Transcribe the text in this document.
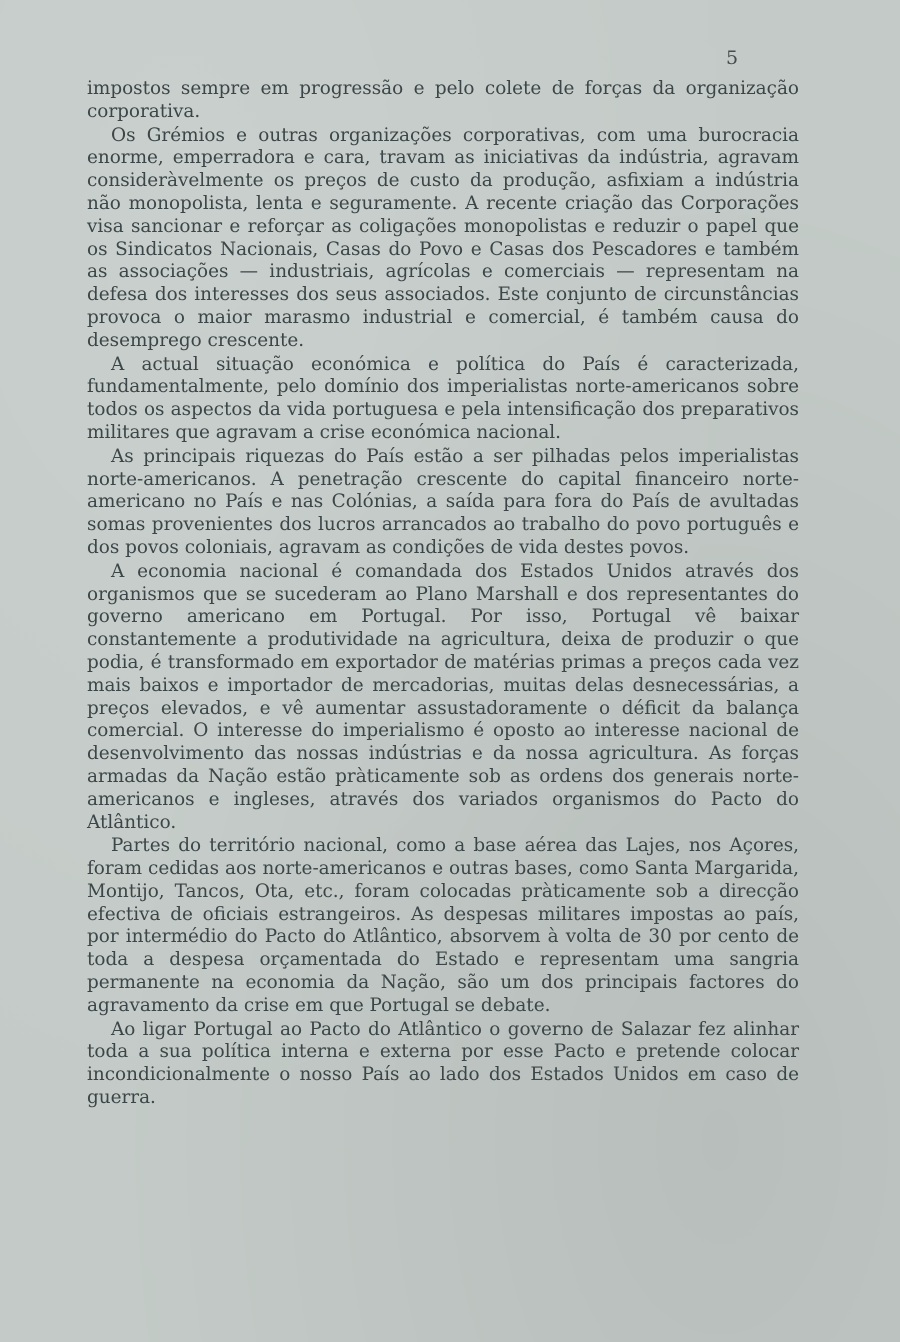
5

impostos sempre em progressão e pelo colete de forças da organização corporativa.

Os Grémios e outras organizações corporativas, com uma burocracia enorme, emperradora e cara, travam as iniciativas da indústria, agravam consideràvelmente os preços de custo da produção, asfixiam a indústria não monopolista, lenta e seguramente. A recente criação das Corporações visa sancionar e reforçar as coligações monopolistas e reduzir o papel que os Sindicatos Nacionais, Casas do Povo e Casas dos Pescadores e também as associações — industriais, agrícolas e comerciais — representam na defesa dos interesses dos seus associados. Este conjunto de circunstâncias provoca o maior marasmo industrial e comercial, é também causa do desemprego crescente.

A actual situação económica e política do País é caracterizada, fundamentalmente, pelo domínio dos imperialistas norte-americanos sobre todos os aspectos da vida portuguesa e pela intensificação dos preparativos militares que agravam a crise económica nacional.

As principais riquezas do País estão a ser pilhadas pelos imperialistas norte-americanos. A penetração crescente do capital financeiro norte-americano no País e nas Colónias, a saída para fora do País de avultadas somas provenientes dos lucros arrancados ao trabalho do povo português e dos povos coloniais, agravam as condições de vida destes povos.

A economia nacional é comandada dos Estados Unidos através dos organismos que se sucederam ao Plano Marshall e dos representantes do governo americano em Portugal. Por isso, Portugal vê baixar constantemente a produtividade na agricultura, deixa de produzir o que podia, é transformado em exportador de matérias primas a preços cada vez mais baixos e importador de mercadorias, muitas delas desnecessárias, a preços elevados, e vê aumentar assustadoramente o déficit da balança comercial. O interesse do imperialismo é oposto ao interesse nacional de desenvolvimento das nossas indústrias e da nossa agricultura. As forças armadas da Nação estão pràticamente sob as ordens dos generais norte-americanos e ingleses, através dos variados organismos do Pacto do Atlântico.

Partes do território nacional, como a base aérea das Lajes, nos Açores, foram cedidas aos norte-americanos e outras bases, como Santa Margarida, Montijo, Tancos, Ota, etc., foram colocadas pràticamente sob a direcção efectiva de oficiais estrangeiros. As despesas militares impostas ao país, por intermédio do Pacto do Atlântico, absorvem à volta de 30 por cento de toda a despesa orçamentada do Estado e representam uma sangria permanente na economia da Nação, são um dos principais factores do agravamento da crise em que Portugal se debate.

Ao ligar Portugal ao Pacto do Atlântico o governo de Salazar fez alinhar toda a sua política interna e externa por esse Pacto e pretende colocar incondicionalmente o nosso País ao lado dos Estados Unidos em caso de guerra.
